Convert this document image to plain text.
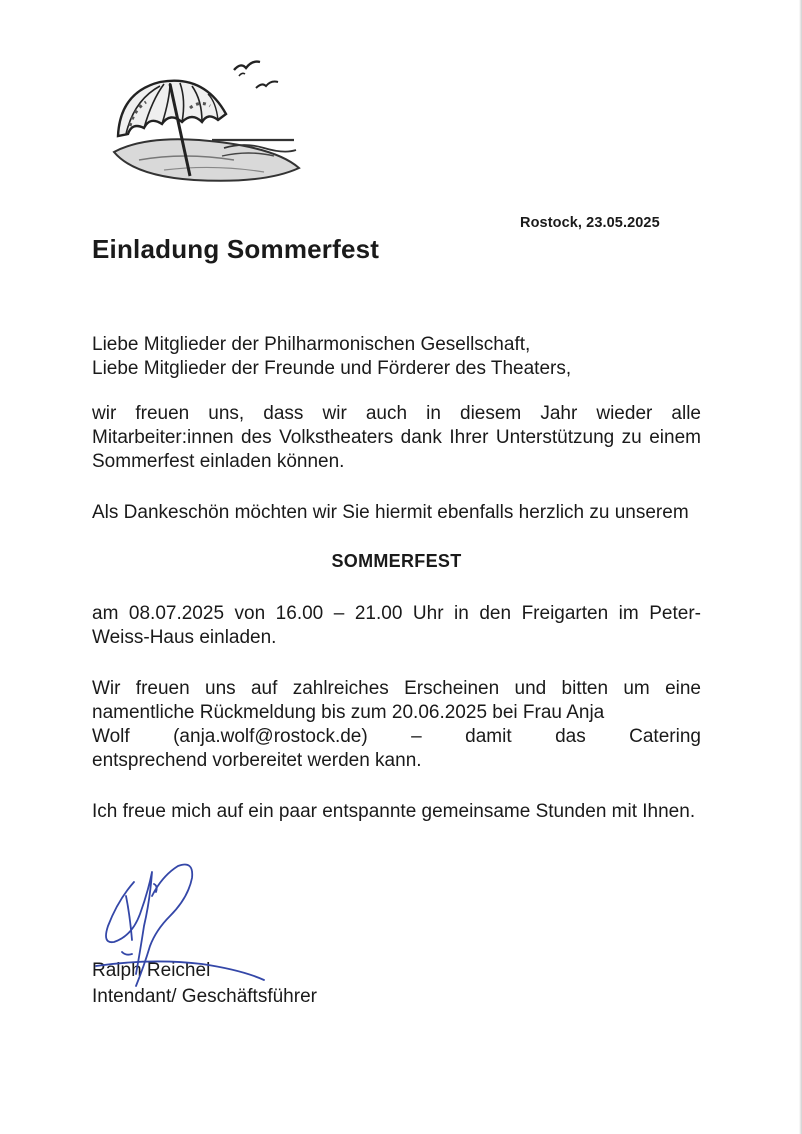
Rostock, 23.05.2025
Einladung Sommerfest
Liebe Mitglieder der Philharmonischen Gesellschaft,
Liebe Mitglieder der Freunde und Förderer des Theaters,

wir freuen uns, dass wir auch in diesem Jahr wieder alle Mitarbeiter:innen des Volkstheaters dank Ihrer Unterstützung zu einem Sommerfest einladen können.

Als Dankeschön möchten wir Sie hiermit ebenfalls herzlich zu unserem

SOMMERFEST

am 08.07.2025 von 16.00 – 21.00 Uhr in den Freigarten im Peter-Weiss-Haus einladen.

Wir freuen uns auf zahlreiches Erscheinen und bitten um eine namentliche Rückmeldung bis zum 20.06.2025 bei Frau Anja

Wolf (anja.wolf@rostock.de) – damit das Catering
entsprechend vorbereitet werden kann.

Ich freue mich auf ein paar entspannte gemeinsame Stunden mit Ihnen.

Ralph Reichel
Intendant/ Geschäftsführer
